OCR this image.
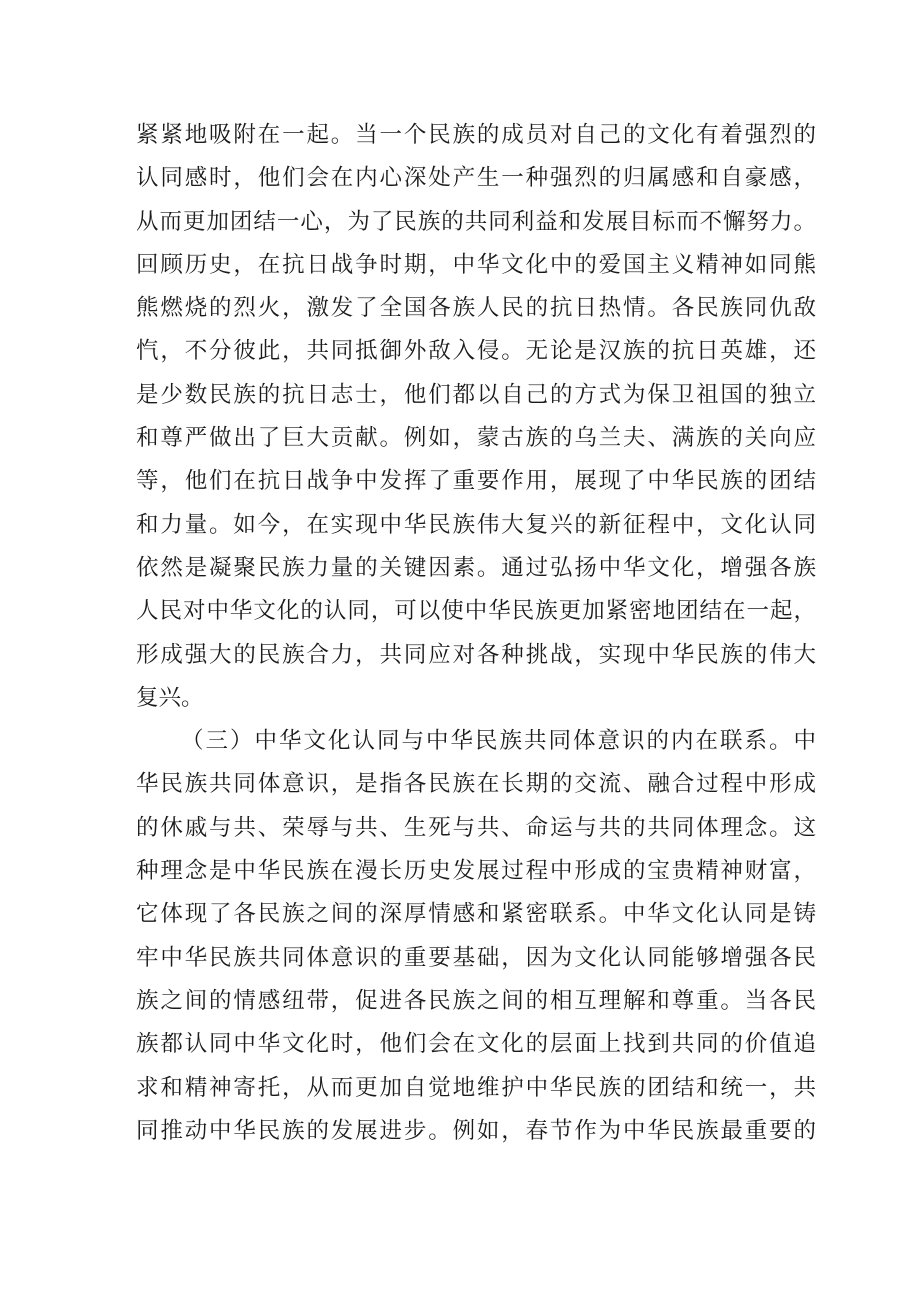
紧紧地吸附在一起。当一个民族的成员对自己的文化有着强烈的
认同感时，他们会在内心深处产生一种强烈的归属感和自豪感，
从而更加团结一心，为了民族的共同利益和发展目标而不懈努力。
回顾历史，在抗日战争时期，中华文化中的爱国主义精神如同熊
熊燃烧的烈火，激发了全国各族人民的抗日热情。各民族同仇敌
忾，不分彼此，共同抵御外敌入侵。无论是汉族的抗日英雄，还
是少数民族的抗日志士，他们都以自己的方式为保卫祖国的独立
和尊严做出了巨大贡献。例如，蒙古族的乌兰夫、满族的关向应
等，他们在抗日战争中发挥了重要作用，展现了中华民族的团结
和力量。如今，在实现中华民族伟大复兴的新征程中，文化认同
依然是凝聚民族力量的关键因素。通过弘扬中华文化，增强各族
人民对中华文化的认同，可以使中华民族更加紧密地团结在一起，
形成强大的民族合力，共同应对各种挑战，实现中华民族的伟大
复兴。
（三）中华文化认同与中华民族共同体意识的内在联系。中
华民族共同体意识，是指各民族在长期的交流、融合过程中形成
的休戚与共、荣辱与共、生死与共、命运与共的共同体理念。这
种理念是中华民族在漫长历史发展过程中形成的宝贵精神财富，
它体现了各民族之间的深厚情感和紧密联系。中华文化认同是铸
牢中华民族共同体意识的重要基础，因为文化认同能够增强各民
族之间的情感纽带，促进各民族之间的相互理解和尊重。当各民
族都认同中华文化时，他们会在文化的层面上找到共同的价值追
求和精神寄托，从而更加自觉地维护中华民族的团结和统一，共
同推动中华民族的发展进步。例如，春节作为中华民族最重要的
